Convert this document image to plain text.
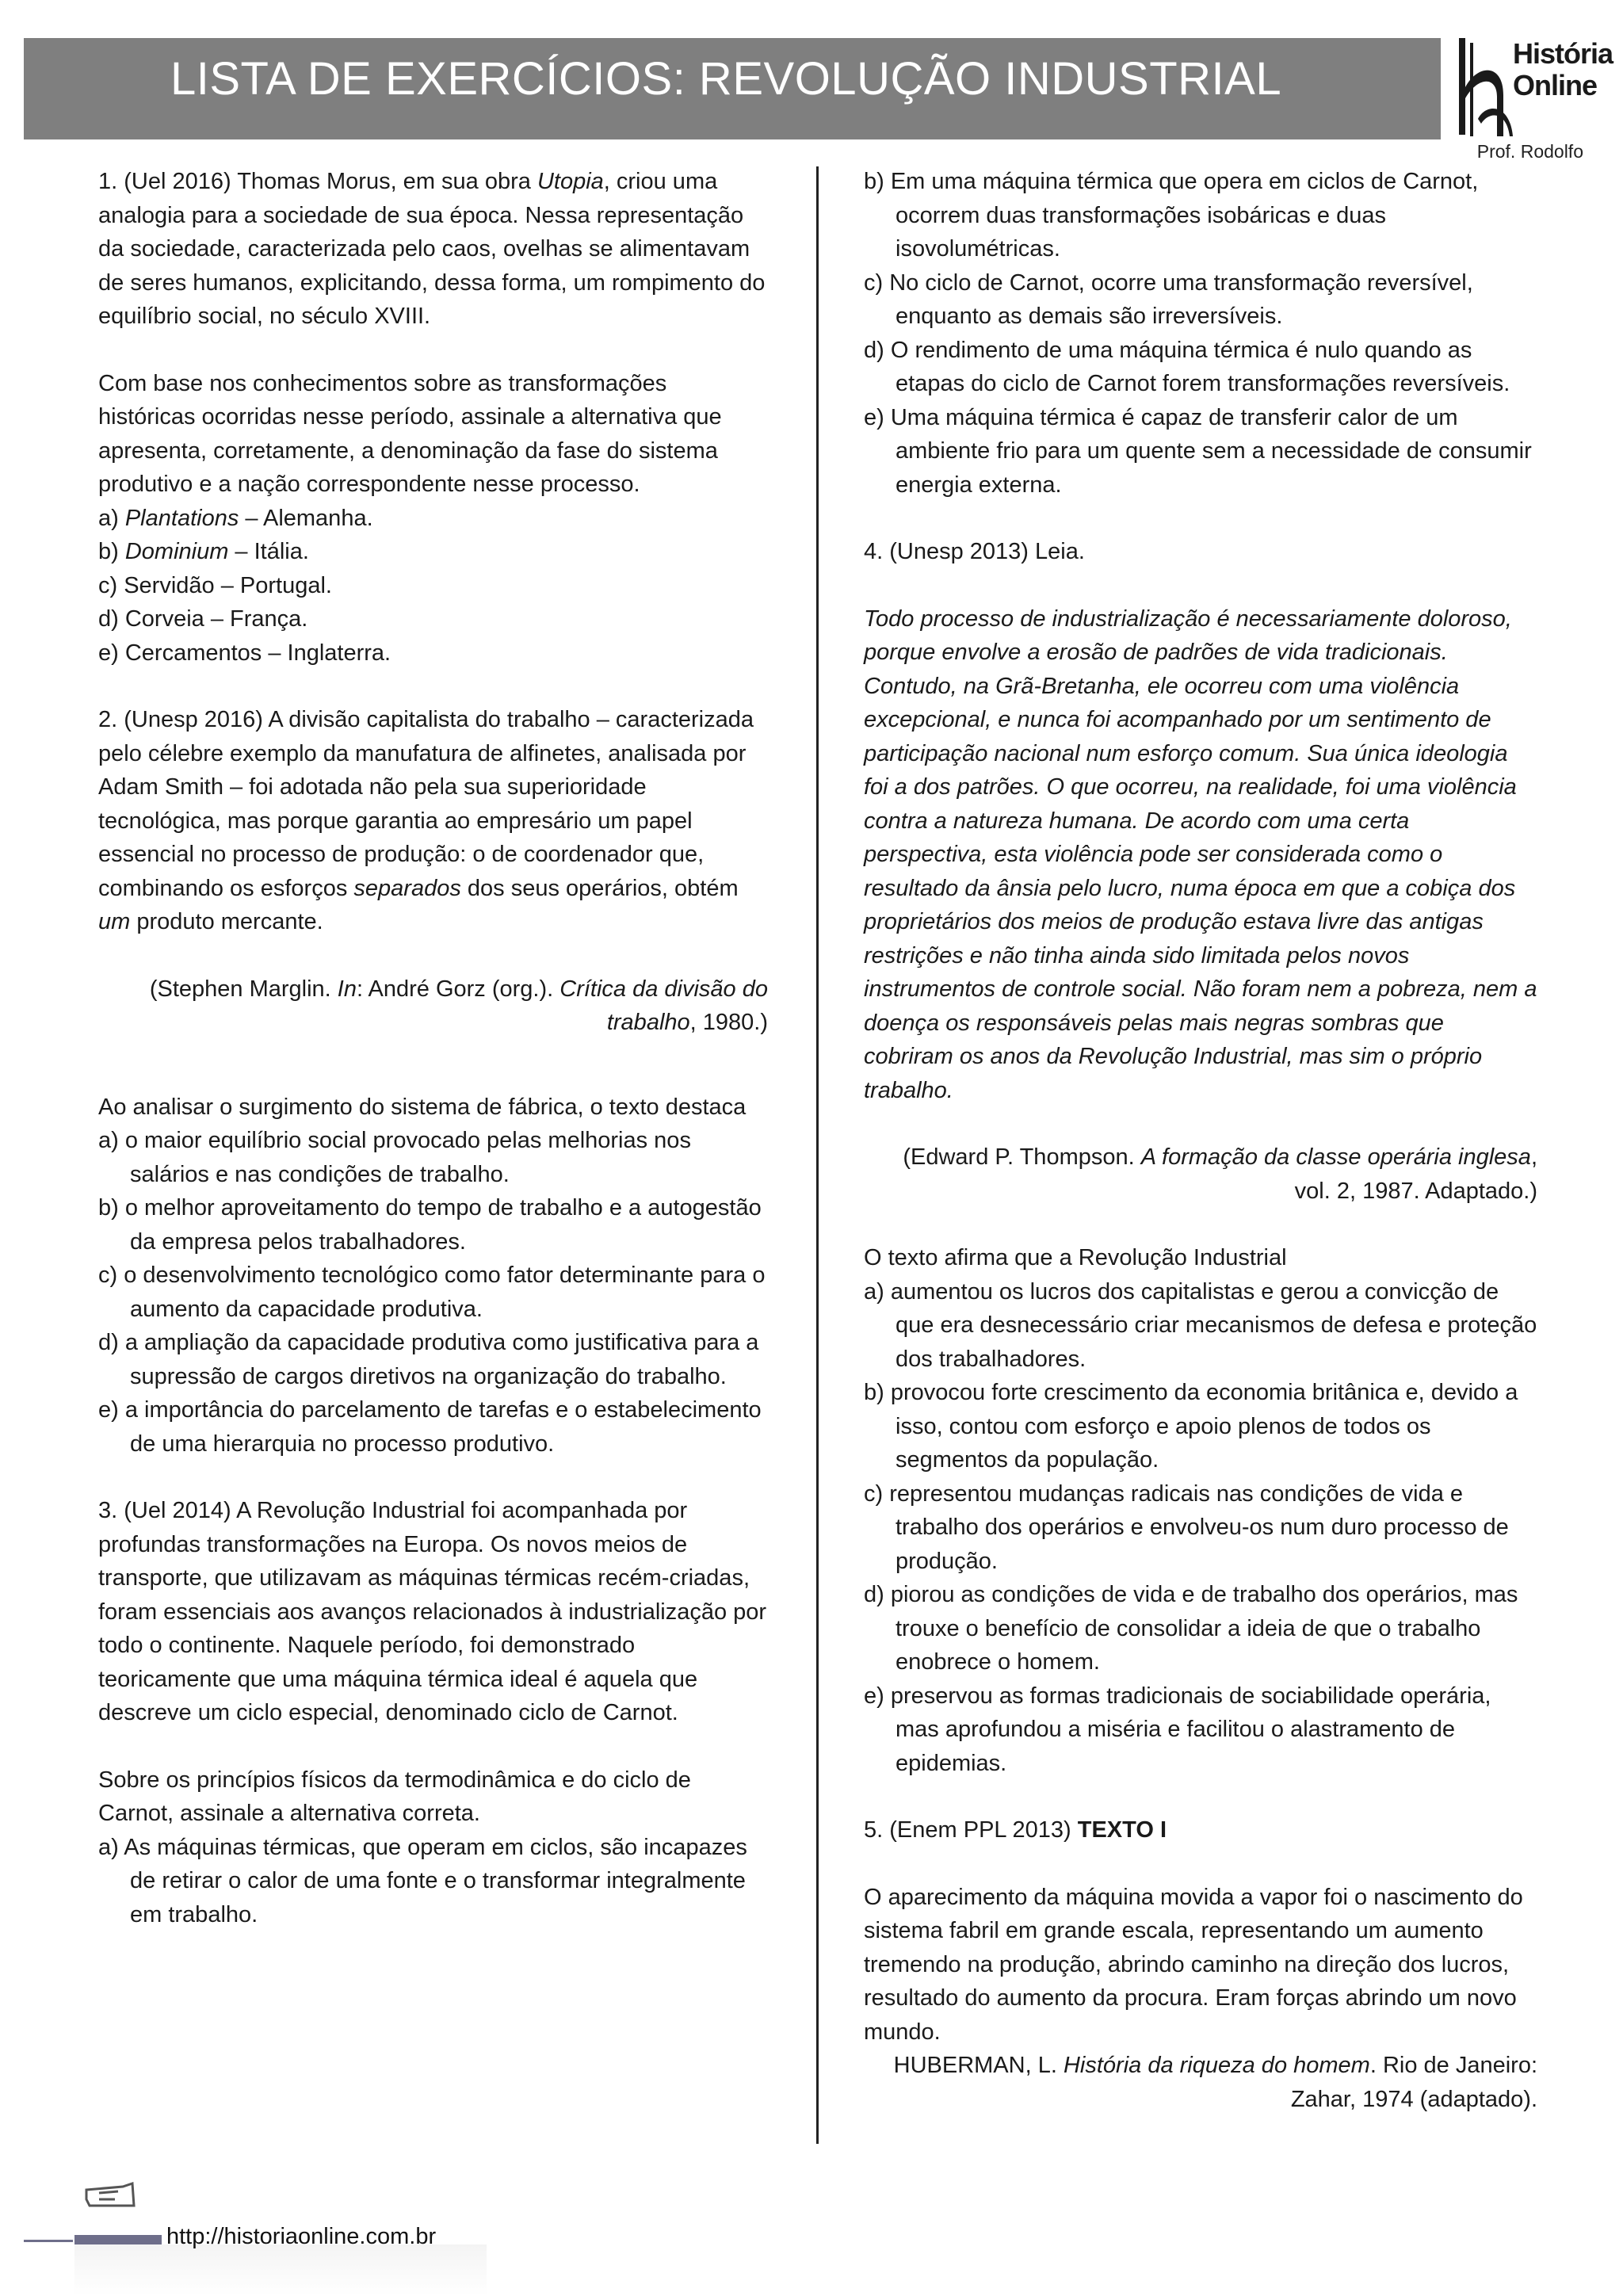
LISTA DE EXERCÍCIOS: REVOLUÇÃO INDUSTRIAL	História
Online
Prof. Rodolfo

1. (Uel 2016) Thomas Morus, em sua obra Utopia, criou uma analogia para a sociedade de sua época. Nessa representação da sociedade, caracterizada pelo caos, ovelhas se alimentavam de seres humanos, explicitando, dessa forma, um rompimento do equilíbrio social, no século XVIII.

Com base nos conhecimentos sobre as transformações históricas ocorridas nesse período, assinale a alternativa que apresenta, corretamente, a denominação da fase do sistema produtivo e a nação correspondente nesse processo.

a) Plantations – Alemanha.

b) Dominium – Itália.

c) Servidão – Portugal.

d) Corveia – França.

e) Cercamentos – Inglaterra.

2. (Unesp 2016) A divisão capitalista do trabalho – caracterizada pelo célebre exemplo da manufatura de alfinetes, analisada por Adam Smith – foi adotada não pela sua superioridade tecnológica, mas porque garantia ao empresário um papel essencial no processo de produção: o de coordenador que, combinando os esforços separados dos seus operários, obtém um produto mercante.

(Stephen Marglin. In: André Gorz (org.). Crítica da divisão do trabalho, 1980.)

Ao analisar o surgimento do sistema de fábrica, o texto destaca

a) o maior equilíbrio social provocado pelas melhorias nos salários e nas condições de trabalho.

b) o melhor aproveitamento do tempo de trabalho e a autogestão da empresa pelos trabalhadores.

c) o desenvolvimento tecnológico como fator determinante para o aumento da capacidade produtiva.

d) a ampliação da capacidade produtiva como justificativa para a supressão de cargos diretivos na organização do trabalho.

e) a importância do parcelamento de tarefas e o estabelecimento de uma hierarquia no processo produtivo.

3. (Uel 2014) A Revolução Industrial foi acompanhada por profundas transformações na Europa. Os novos meios de transporte, que utilizavam as máquinas térmicas recém-criadas, foram essenciais aos avanços relacionados à industrialização por todo o continente. Naquele período, foi demonstrado teoricamente que uma máquina térmica ideal é aquela que descreve um ciclo especial, denominado ciclo de Carnot.

Sobre os princípios físicos da termodinâmica e do ciclo de Carnot, assinale a alternativa correta.

a) As máquinas térmicas, que operam em ciclos, são incapazes de retirar o calor de uma fonte e o transformar integralmente em trabalho.

b) Em uma máquina térmica que opera em ciclos de Carnot, ocorrem duas transformações isobáricas e duas isovolumétricas.

c) No ciclo de Carnot, ocorre uma transformação reversível, enquanto as demais são irreversíveis.

d) O rendimento de uma máquina térmica é nulo quando as etapas do ciclo de Carnot forem transformações reversíveis.

e) Uma máquina térmica é capaz de transferir calor de um ambiente frio para um quente sem a necessidade de consumir energia externa.

4. (Unesp 2013) Leia.

Todo processo de industrialização é necessariamente doloroso, porque envolve a erosão de padrões de vida tradicionais. Contudo, na Grã-Bretanha, ele ocorreu com uma violência excepcional, e nunca foi acompanhado por um sentimento de participação nacional num esforço comum. Sua única ideologia foi a dos patrões. O que ocorreu, na realidade, foi uma violência contra a natureza humana. De acordo com uma certa perspectiva, esta violência pode ser considerada como o resultado da ânsia pelo lucro, numa época em que a cobiça dos proprietários dos meios de produção estava livre das antigas restrições e não tinha ainda sido limitada pelos novos instrumentos de controle social. Não foram nem a pobreza, nem a doença os responsáveis pelas mais negras sombras que cobriram os anos da Revolução Industrial, mas sim o próprio trabalho.

(Edward P. Thompson. A formação da classe operária inglesa, vol. 2, 1987. Adaptado.)

O texto afirma que a Revolução Industrial

a) aumentou os lucros dos capitalistas e gerou a convicção de que era desnecessário criar mecanismos de defesa e proteção dos trabalhadores.

b) provocou forte crescimento da economia britânica e, devido a isso, contou com esforço e apoio plenos de todos os segmentos da população.

c) representou mudanças radicais nas condições de vida e trabalho dos operários e envolveu-os num duro processo de produção.

d) piorou as condições de vida e de trabalho dos operários, mas trouxe o benefício de consolidar a ideia de que o trabalho enobrece o homem.

e) preservou as formas tradicionais de sociabilidade operária, mas aprofundou a miséria e facilitou o alastramento de epidemias.

5. (Enem PPL 2013) TEXTO I

O aparecimento da máquina movida a vapor foi o nascimento do sistema fabril em grande escala, representando um aumento tremendo na produção, abrindo caminho na direção dos lucros, resultado do aumento da procura. Eram forças abrindo um novo mundo.

HUBERMAN, L. História da riqueza do homem. Rio de Janeiro: Zahar, 1974 (adaptado).

http://historiaonline.com.br
